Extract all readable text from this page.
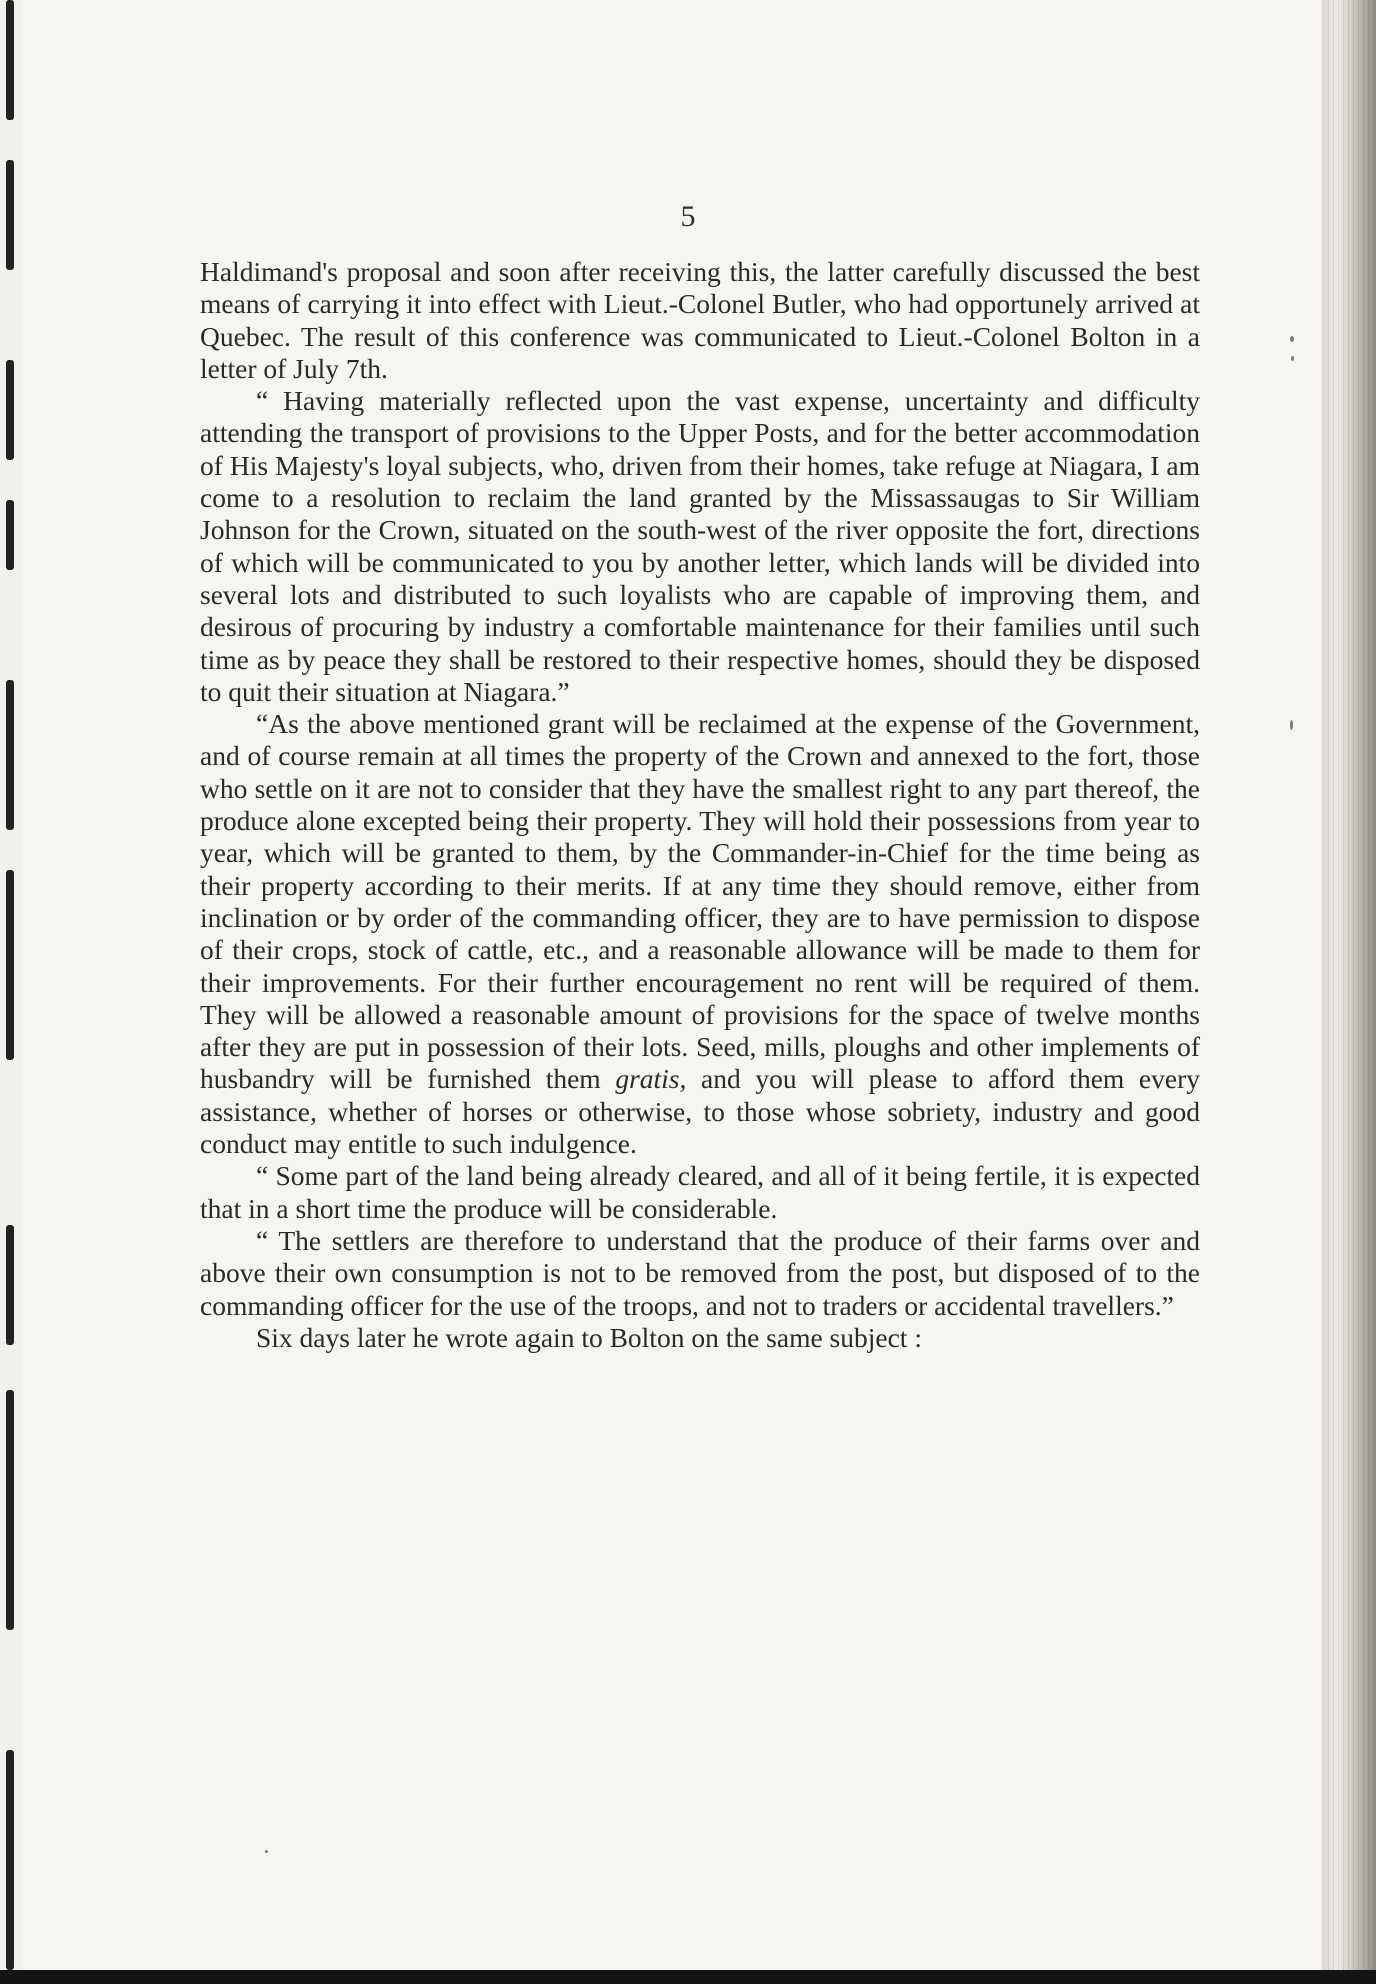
5

Haldimand's proposal and soon after receiving this, the latter carefully discussed the best means of carrying it into effect with Lieut.-Colonel Butler, who had opportunely arrived at Quebec. The result of this conference was communicated to Lieut.-Colonel Bolton in a letter of July 7th.

“ Having materially reflected upon the vast expense, uncertainty and difficulty attending the transport of provisions to the Upper Posts, and for the better accommodation of His Majesty's loyal subjects, who, driven from their homes, take refuge at Niagara, I am come to a resolution to reclaim the land granted by the Missassaugas to Sir William Johnson for the Crown, situated on the south-west of the river opposite the fort, directions of which will be communicated to you by another letter, which lands will be divided into several lots and distributed to such loyalists who are capable of improving them, and desirous of procuring by industry a comfortable maintenance for their families until such time as by peace they shall be restored to their respective homes, should they be disposed to quit their situation at Niagara.”

“As the above mentioned grant will be reclaimed at the expense of the Government, and of course remain at all times the property of the Crown and annexed to the fort, those who settle on it are not to consider that they have the smallest right to any part thereof, the produce alone excepted being their property. They will hold their possessions from year to year, which will be granted to them, by the Commander-in-Chief for the time being as their property according to their merits. If at any time they should remove, either from inclination or by order of the commanding officer, they are to have permission to dispose of their crops, stock of cattle, etc., and a reasonable allowance will be made to them for their improvements. For their further encouragement no rent will be required of them. They will be allowed a reasonable amount of provisions for the space of twelve months after they are put in possession of their lots. Seed, mills, ploughs and other implements of husbandry will be furnished them gratis, and you will please to afford them every assistance, whether of horses or otherwise, to those whose sobriety, industry and good conduct may entitle to such indulgence.

“ Some part of the land being already cleared, and all of it being fertile, it is expected that in a short time the produce will be considerable.

“ The settlers are therefore to understand that the produce of their farms over and above their own consumption is not to be removed from the post, but disposed of to the commanding officer for the use of the troops, and not to traders or accidental travellers.”

Six days later he wrote again to Bolton on the same subject :
